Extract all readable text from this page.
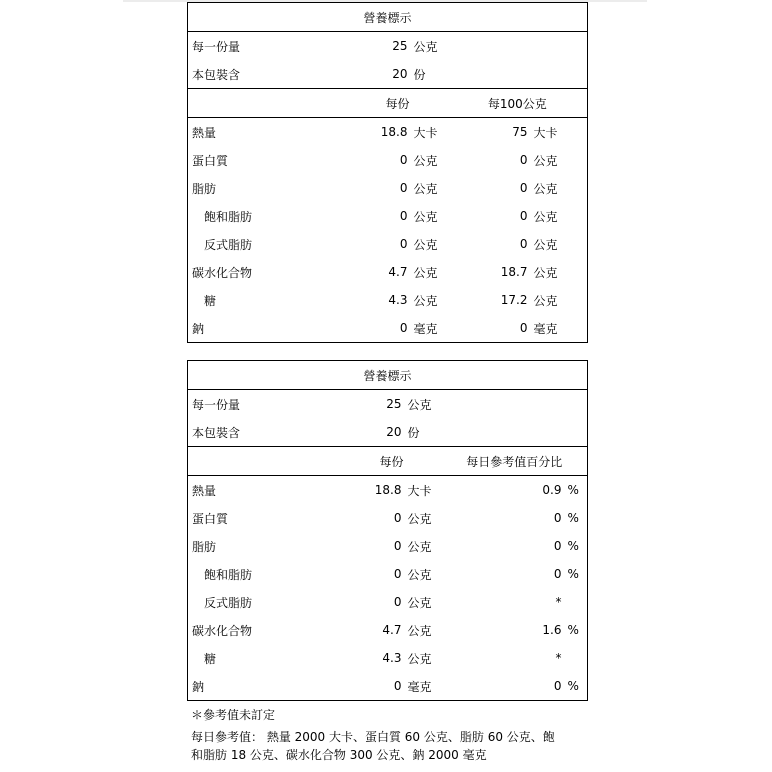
營養標示				
每一份量	25	公克		
本包裝含	20	份		
	每份		每100公克	
熱量	18.8	大卡	75	大卡
蛋白質	0	公克	0	公克
脂肪	0	公克	0	公克
飽和脂肪	0	公克	0	公克
反式脂肪	0	公克	0	公克
碳水化合物	4.7	公克	18.7	公克
糖	4.3	公克	17.2	公克
鈉	0	毫克	0	毫克
營養標示				
每一份量	25	公克		
本包裝含	20	份		
	每份		每日參考值百分比	
熱量	18.8	大卡	0.9	%
蛋白質	0	公克	0	%
脂肪	0	公克	0	%
飽和脂肪	0	公克	0	%
反式脂肪	0	公克	*	
碳水化合物	4.7	公克	1.6	%
糖	4.3	公克	*	
鈉	0	毫克	0	%
＊參考值未訂定
每日參考值： 熱量 2000 大卡、蛋白質 60 公克、脂肪 60 公克、飽
和脂肪 18 公克、碳水化合物 300 公克、鈉 2000 毫克
